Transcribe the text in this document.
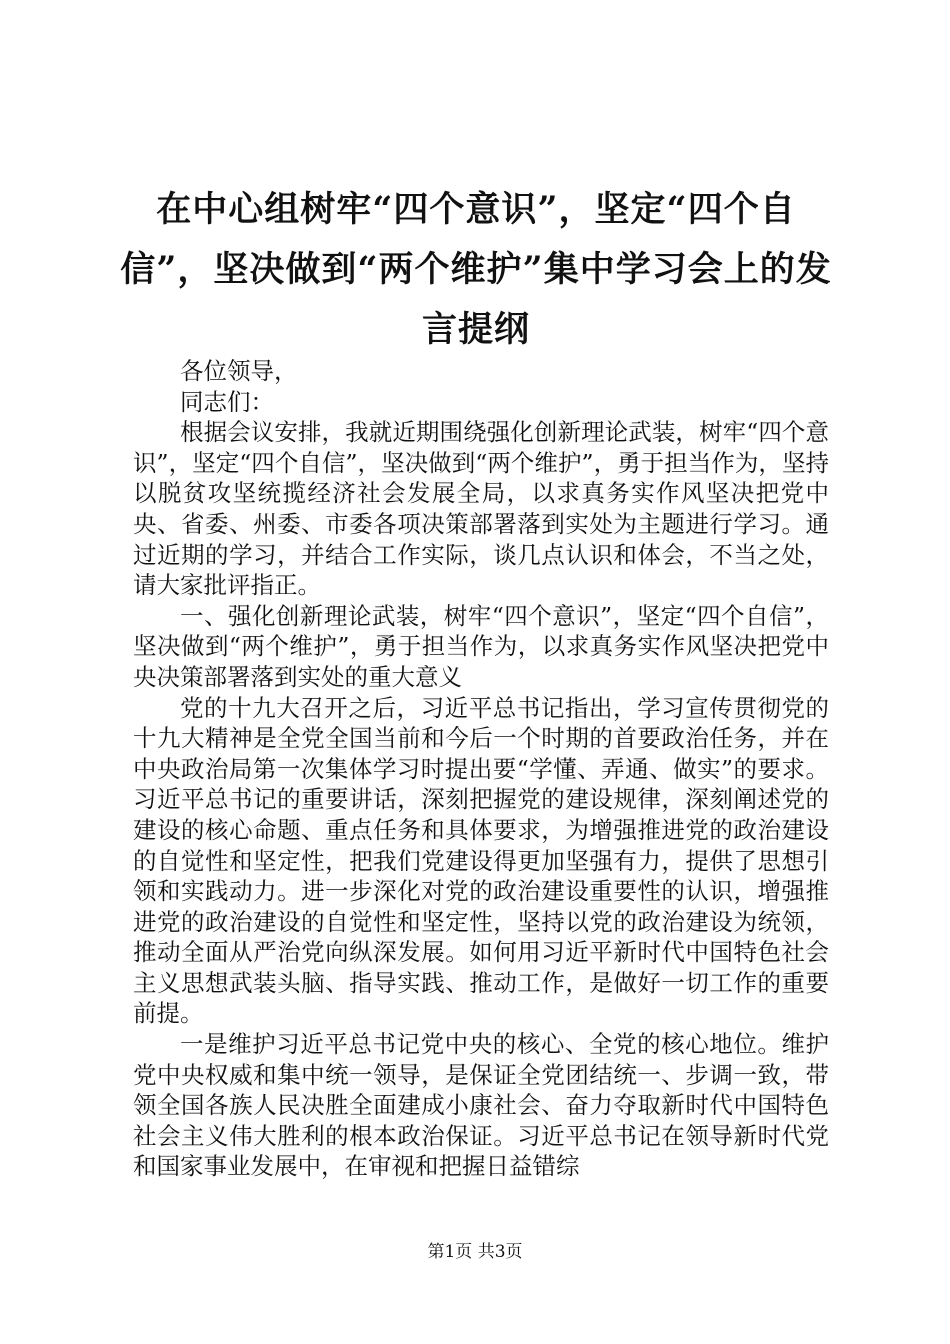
在中心组树牢“四个意识”，坚定“四个自信”，坚决做到“两个维护”集中学习会上的发言提纲

各位领导，

同志们：

根据会议安排，我就近期围绕强化创新理论武装，树牢“四个意识”，坚定“四个自信”，坚决做到“两个维护”，勇于担当作为，坚持以脱贫攻坚统揽经济社会发展全局，以求真务实作风坚决把党中央、省委、州委、市委各项决策部署落到实处为主题进行学习。通过近期的学习，并结合工作实际，谈几点认识和体会，不当之处，请大家批评指正。

一、强化创新理论武装，树牢“四个意识”，坚定“四个自信”，坚决做到“两个维护”，勇于担当作为，以求真务实作风坚决把党中央决策部署落到实处的重大意义

党的十九大召开之后，习近平总书记指出，学习宣传贯彻党的十九大精神是全党全国当前和今后一个时期的首要政治任务，并在中央政治局第一次集体学习时提出要“学懂、弄通、做实”的要求。习近平总书记的重要讲话，深刻把握党的建设规律，深刻阐述党的建设的核心命题、重点任务和具体要求，为增强推进党的政治建设的自觉性和坚定性，把我们党建设得更加坚强有力，提供了思想引领和实践动力。进一步深化对党的政治建设重要性的认识，增强推进党的政治建设的自觉性和坚定性，坚持以党的政治建设为统领，推动全面从严治党向纵深发展。如何用习近平新时代中国特色社会主义思想武装头脑、指导实践、推动工作，是做好一切工作的重要前提。

一是维护习近平总书记党中央的核心、全党的核心地位。维护党中央权威和集中统一领导，是保证全党团结统一、步调一致，带领全国各族人民决胜全面建成小康社会、奋力夺取新时代中国特色社会主义伟大胜利的根本政治保证。习近平总书记在领导新时代党和国家事业发展中，在审视和把握日益错综

第1页 共3页
